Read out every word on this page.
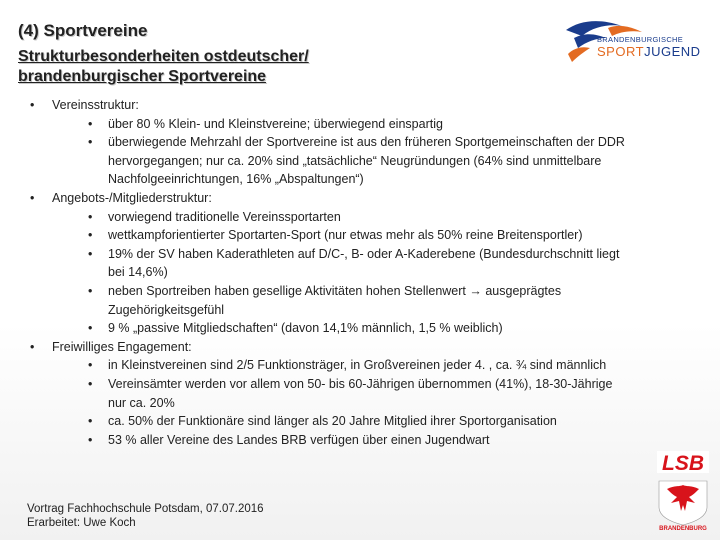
(4) Sportvereine
Strukturbesonderheiten ostdeutscher/
brandenburgischer Sportvereine
BRANDENBURGISCHE
SPORTJUGEND
• Vereinsstruktur:
• über 80 % Klein- und Kleinstvereine; überwiegend einspartig
• überwiegende Mehrzahl der Sportvereine ist aus den früheren Sportgemeinschaften der DDR
hervorgegangen; nur ca. 20% sind „tatsächliche“ Neugründungen (64% sind unmittelbare
Nachfolgeeinrichtungen, 16% „Abspaltungen“)
• Angebots-/Mitgliederstruktur:
• vorwiegend traditionelle Vereinssportarten
• wettkampforientierter Sportarten-Sport (nur etwas mehr als 50% reine Breitensportler)
• 19% der SV haben Kaderathleten auf D/C-, B- oder A-Kaderebene (Bundesdurchschnitt liegt
bei 14,6%)
• neben Sportreiben haben gesellige Aktivitäten hohen Stellenwert → ausgeprägtes
Zugehörigkeitsgefühl
• 9 % „passive Mitgliedschaften“ (davon 14,1% männlich, 1,5 % weiblich)
• Freiwilliges Engagement:
• in Kleinstvereinen sind 2/5 Funktionsträger, in Großvereinen jeder 4. , ca. ¾ sind männlich
• Vereinsämter werden vor allem von 50- bis 60-Jährigen übernommen (41%), 18-30-Jährige
nur ca. 20%
• ca. 50% der Funktionäre sind länger als 20 Jahre Mitglied ihrer Sportorganisation
• 53 % aller Vereine des Landes BRB verfügen über einen Jugendwart
Vortrag Fachhochschule Potsdam, 07.07.2016
Erarbeitet: Uwe Koch
LSB
BRANDENBURG
